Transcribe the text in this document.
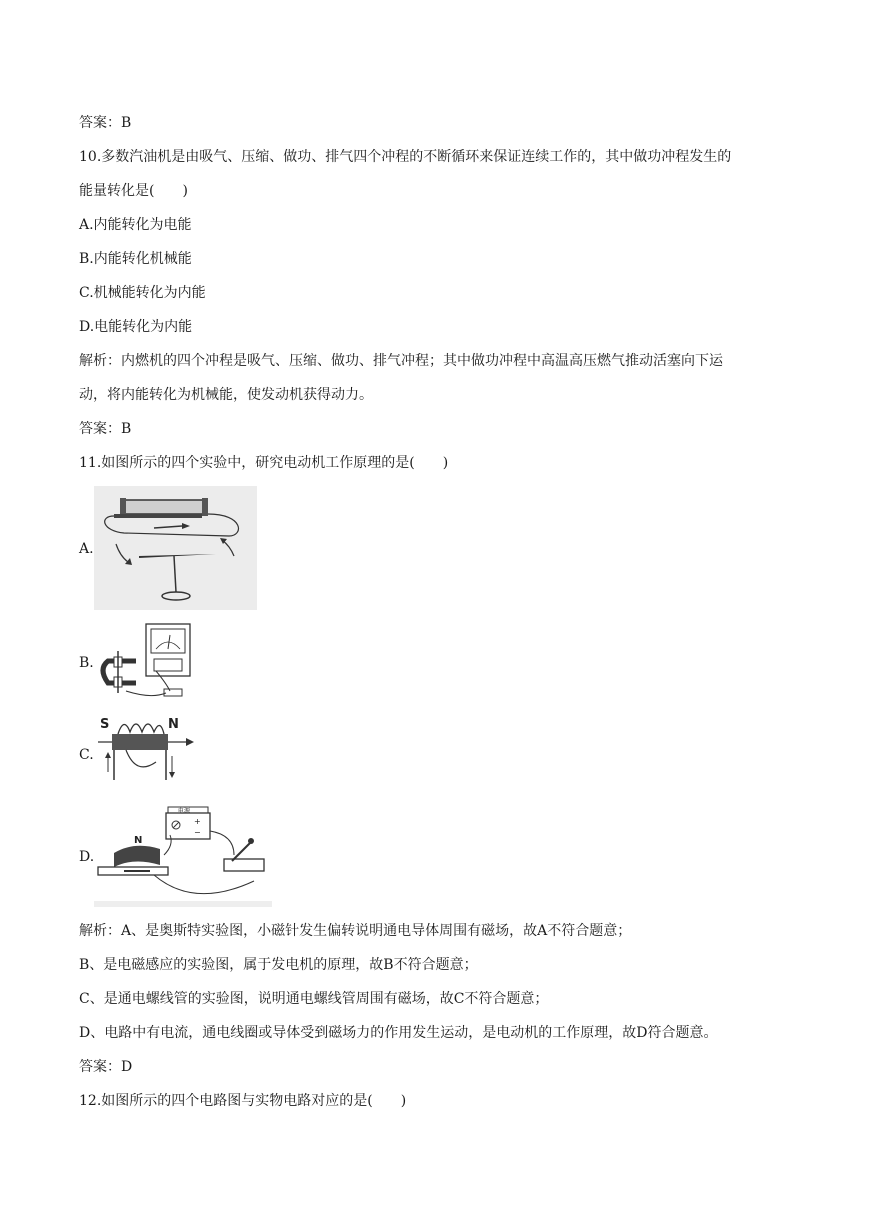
答案：B
10.多数汽油机是由吸气、压缩、做功、排气四个冲程的不断循环来保证连续工作的，其中做功冲程发生的
能量转化是(　　)
A.内能转化为电能
B.内能转化机械能
C.机械能转化为内能
D.电能转化为内能
解析：内燃机的四个冲程是吸气、压缩、做功、排气冲程；其中做功冲程中高温高压燃气推动活塞向下运
动，将内能转化为机械能，使发动机获得动力。
答案：B
11.如图所示的四个实验中，研究电动机工作原理的是(　　)
A.
B.
C.
S	N
D.
电源
+
−
N
解析：A、是奥斯特实验图，小磁针发生偏转说明通电导体周围有磁场，故A不符合题意；
B、是电磁感应的实验图，属于发电机的原理，故B不符合题意；
C、是通电螺线管的实验图，说明通电螺线管周围有磁场，故C不符合题意；
D、电路中有电流，通电线圈或导体受到磁场力的作用发生运动，是电动机的工作原理，故D符合题意。
答案：D
12.如图所示的四个电路图与实物电路对应的是(　　)
